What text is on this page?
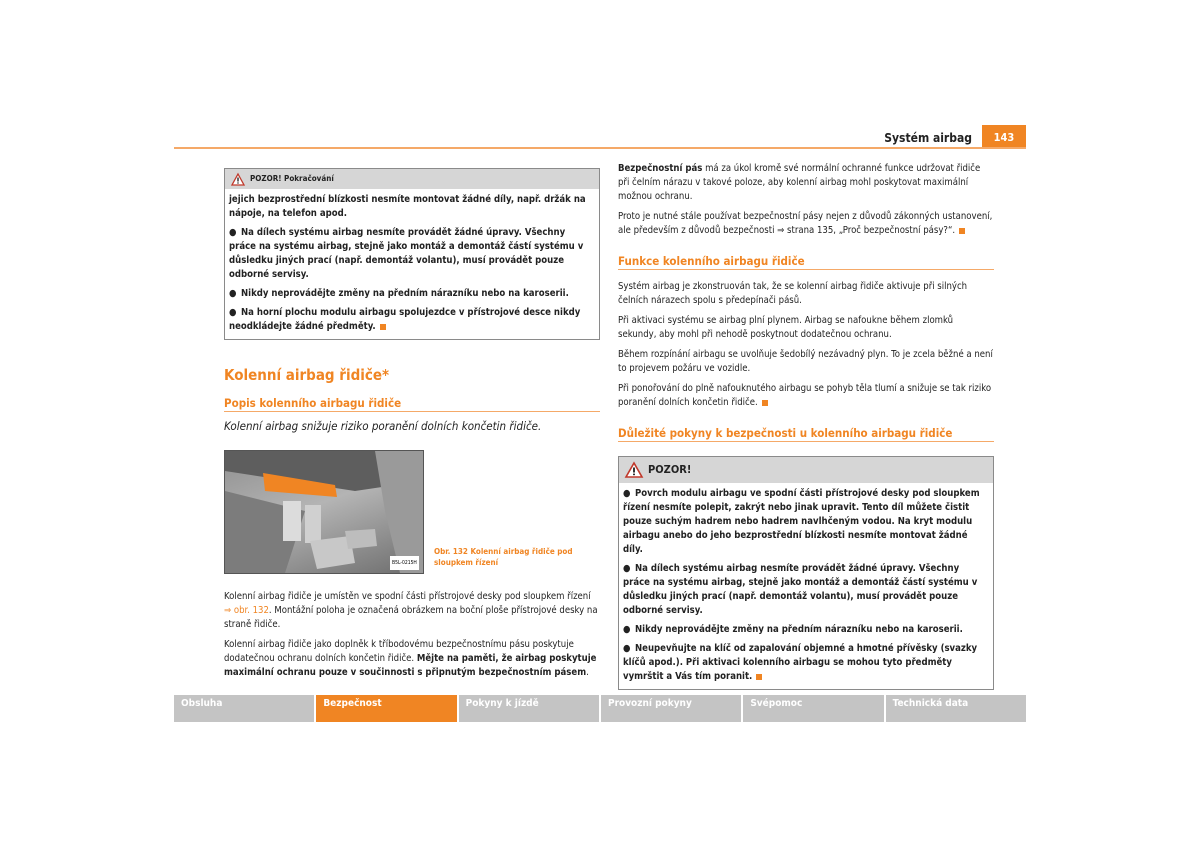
Systém airbag	143
POZOR! Pokračování

jejich bezprostřední blízkosti nesmíte montovat žádné díly, např. držák na nápoje, na telefon apod.

● Na dílech systému airbag nesmíte provádět žádné úpravy. Všechny práce na systému airbag, stejně jako montáž a demontáž částí systému v důsledku jiných prací (např. demontáž volantu), musí provádět pouze odborné servisy.

● Nikdy neprovádějte změny na předním nárazníku nebo na karoserii.

● Na horní plochu modulu airbagu spolujezdce v přístrojové desce nikdy neodkládejte žádné předměty.

Kolenní airbag řidiče*
Popis kolenního airbagu řidiče

Kolenní airbag snižuje riziko poranění dolních končetin řidiče.

B5L-0215H
Obr. 132 Kolenní airbag řidiče pod sloupkem řízení

Kolenní airbag řidiče je umístěn ve spodní části přístrojové desky pod sloupkem řízení ⇒ obr. 132. Montážní poloha je označená obrázkem na boční ploše přístrojové desky na straně řidiče.

Kolenní airbag řidiče jako doplněk k tříbodovému bezpečnostnímu pásu poskytuje dodatečnou ochranu dolních končetin řidiče. Mějte na paměti, že airbag poskytuje maximální ochranu pouze v součinnosti s připnutým bezpečnostním pásem.

Bezpečnostní pás má za úkol kromě své normální ochranné funkce udržovat řidiče při čelním nárazu v takové poloze, aby kolenní airbag mohl poskytovat maximální možnou ochranu.

Proto je nutné stále používat bezpečnostní pásy nejen z důvodů zákonných ustanovení, ale především z důvodů bezpečnosti ⇒ strana 135, „Proč bezpečnostní pásy?“.

Funkce kolenního airbagu řidiče

Systém airbag je zkonstruován tak, že se kolenní airbag řidiče aktivuje při silných čelních nárazech spolu s předepínači pásů.

Při aktivaci systému se airbag plní plynem. Airbag se nafoukne během zlomků sekundy, aby mohl při nehodě poskytnout dodatečnou ochranu.

Během rozpínání airbagu se uvolňuje šedobílý nezávadný plyn. To je zcela běžné a není to projevem požáru ve vozidle.

Při ponořování do plně nafouknutého airbagu se pohyb těla tlumí a snižuje se tak riziko poranění dolních končetin řidiče.

Důležité pokyny k bezpečnosti u kolenního airbagu řidiče
POZOR!

● Povrch modulu airbagu ve spodní části přístrojové desky pod sloupkem řízení nesmíte polepit, zakrýt nebo jinak upravit. Tento díl můžete čistit pouze suchým hadrem nebo hadrem navlhčeným vodou. Na kryt modulu airbagu anebo do jeho bezprostřední blízkosti nesmíte montovat žádné díly.

● Na dílech systému airbag nesmíte provádět žádné úpravy. Všechny práce na systému airbag, stejně jako montáž a demontáž částí systému v důsledku jiných prací (např. demontáž volantu), musí provádět pouze odborné servisy.

● Nikdy neprovádějte změny na předním nárazníku nebo na karoserii.

● Neupevňujte na klíč od zapalování objemné a hmotné přívěsky (svazky klíčů apod.). Při aktivaci kolenního airbagu se mohou tyto předměty vymrštit a Vás tím poranit.

Obsluha	Bezpečnost	Pokyny k jízdě	Provozní pokyny	Svépomoc	Technická data
